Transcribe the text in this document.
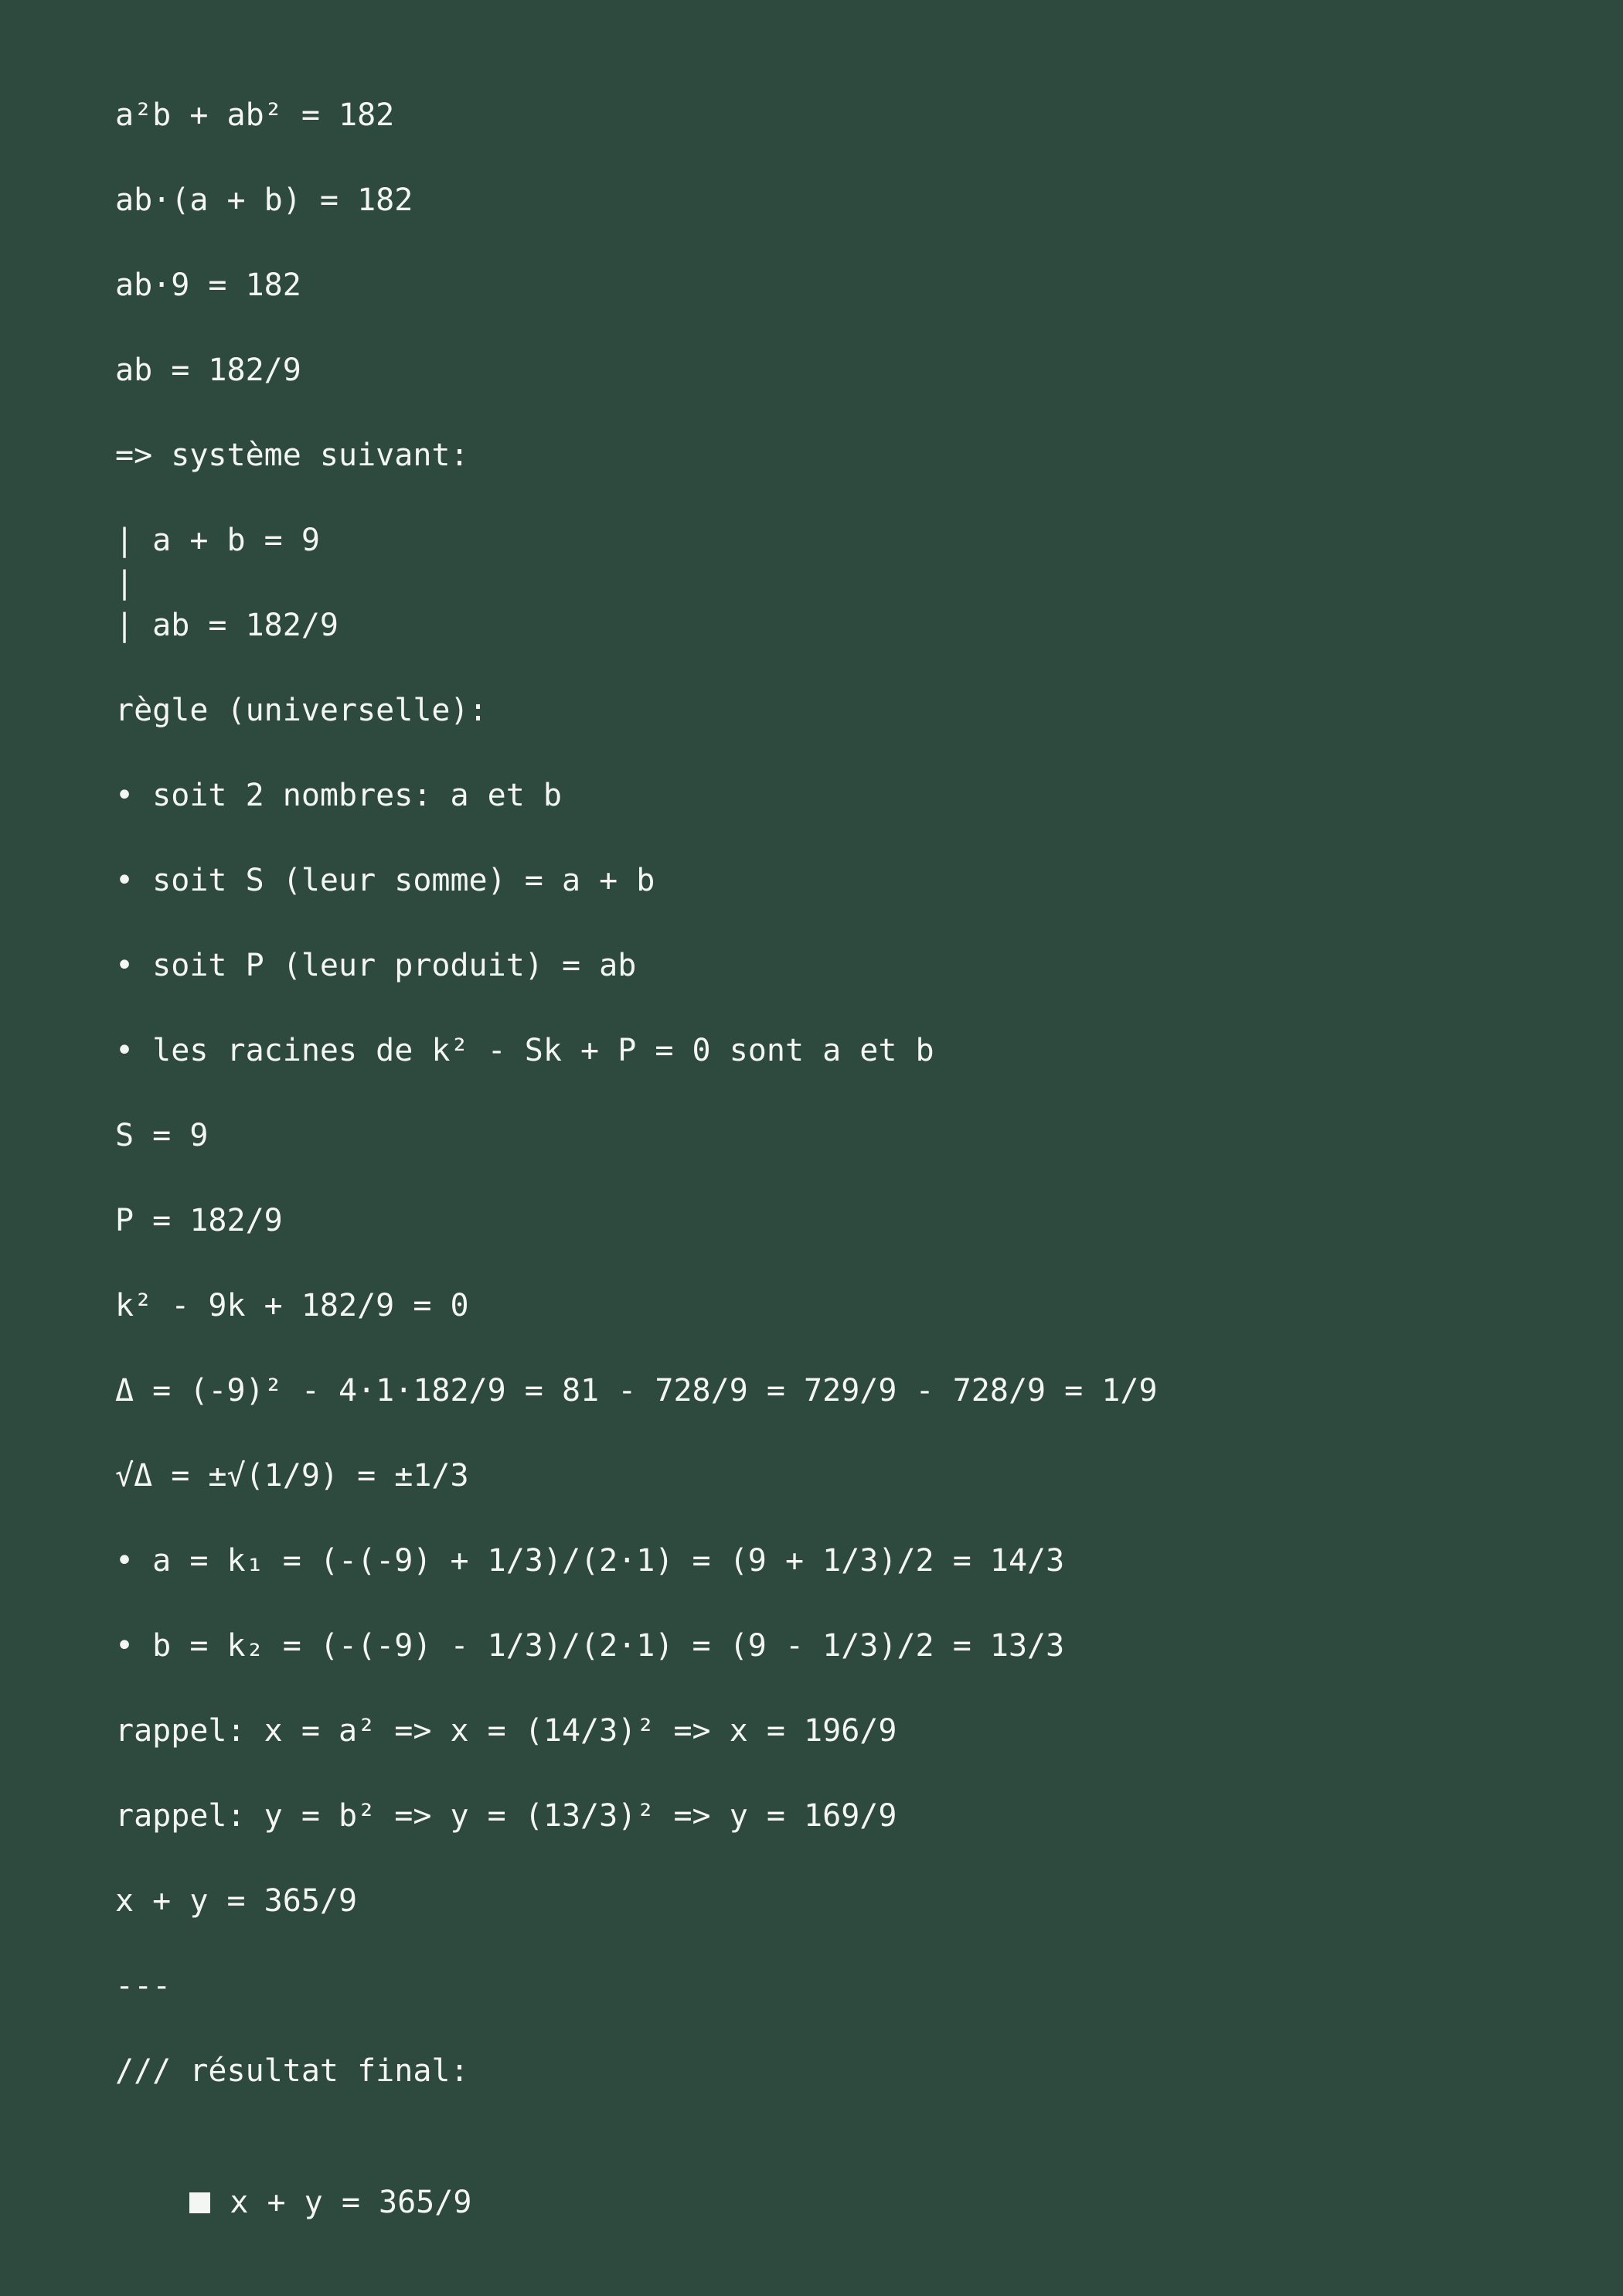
a²b + ab² = 182
ab·(a + b) = 182
ab·9 = 182
ab = 182/9
=> système suivant:
| a + b = 9
|
| ab = 182/9
règle (universelle):
• soit 2 nombres: a et b
• soit S (leur somme) = a + b
• soit P (leur produit) = ab
• les racines de k² - Sk + P = 0 sont a et b
S = 9
P = 182/9
k² - 9k + 182/9 = 0
Δ = (-9)² - 4·1·182/9 = 81 - 728/9 = 729/9 - 728/9 = 1/9
√Δ = ±√(1/9) = ±1/3
• a = k₁ = (-(-9) + 1/3)/(2·1) = (9 + 1/3)/2 = 14/3
• b = k₂ = (-(-9) - 1/3)/(2·1) = (9 - 1/3)/2 = 13/3
rappel: x = a² => x = (14/3)² => x = 196/9
rappel: y = b² => y = (13/3)² => y = 169/9
x + y = 365/9
---
/// résultat final:

x + y = 365/9
